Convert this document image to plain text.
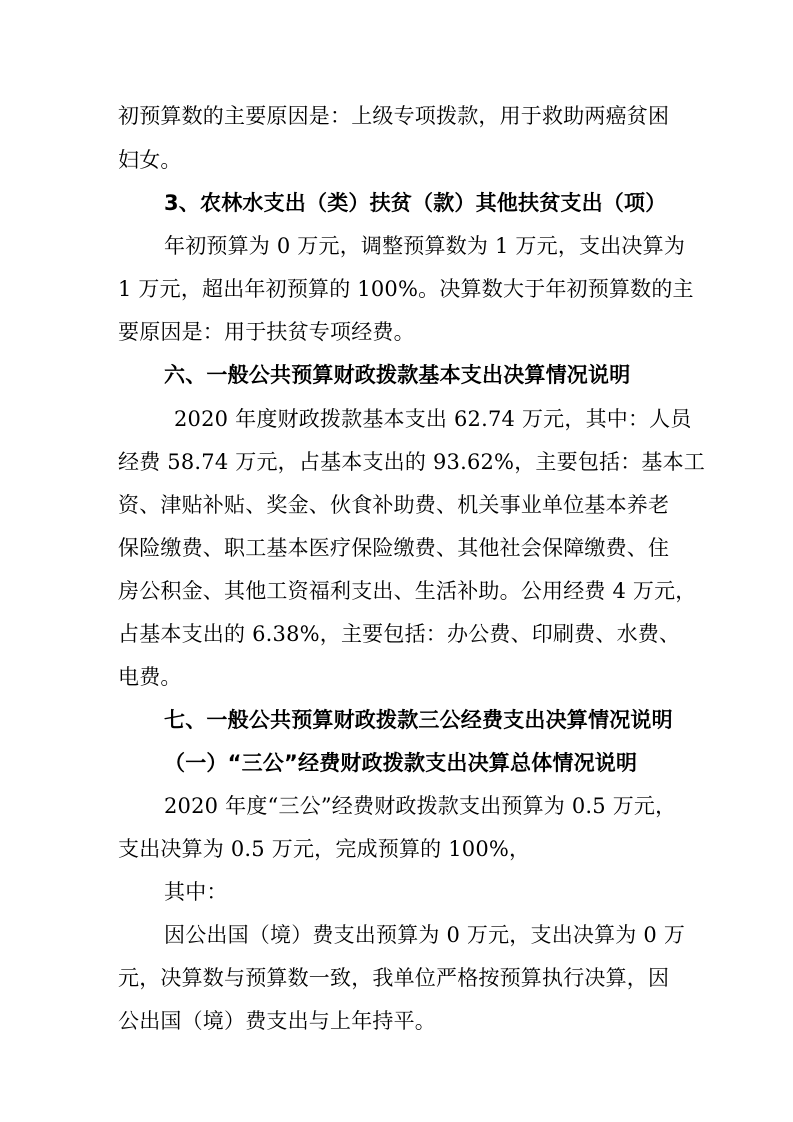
初预算数的主要原因是：上级专项拨款，用于救助两癌贫困
妇女。
3、农林水支出（类）扶贫（款）其他扶贫支出（项）
年初预算为 0 万元，调整预算数为 1 万元，支出决算为
1 万元，超出年初预算的 100%。决算数大于年初预算数的主
要原因是：用于扶贫专项经费。
六、一般公共预算财政拨款基本支出决算情况说明
2020 年度财政拨款基本支出 62.74 万元，其中：人员
经费 58.74 万元，占基本支出的 93.62%，主要包括：基本工
资、津贴补贴、奖金、伙食补助费、机关事业单位基本养老
保险缴费、职工基本医疗保险缴费、其他社会保障缴费、住
房公积金、其他工资福利支出、生活补助。公用经费 4 万元，
占基本支出的 6.38%，主要包括：办公费、印刷费、水费、
电费。
七、一般公共预算财政拨款三公经费支出决算情况说明
（一）“三公”经费财政拨款支出决算总体情况说明
2020 年度“三公”经费财政拨款支出预算为 0.5 万元，
支出决算为 0.5 万元，完成预算的 100%，
其中：
因公出国（境）费支出预算为 0 万元，支出决算为 0 万
元，决算数与预算数一致，我单位严格按预算执行决算，因
公出国（境）费支出与上年持平。
